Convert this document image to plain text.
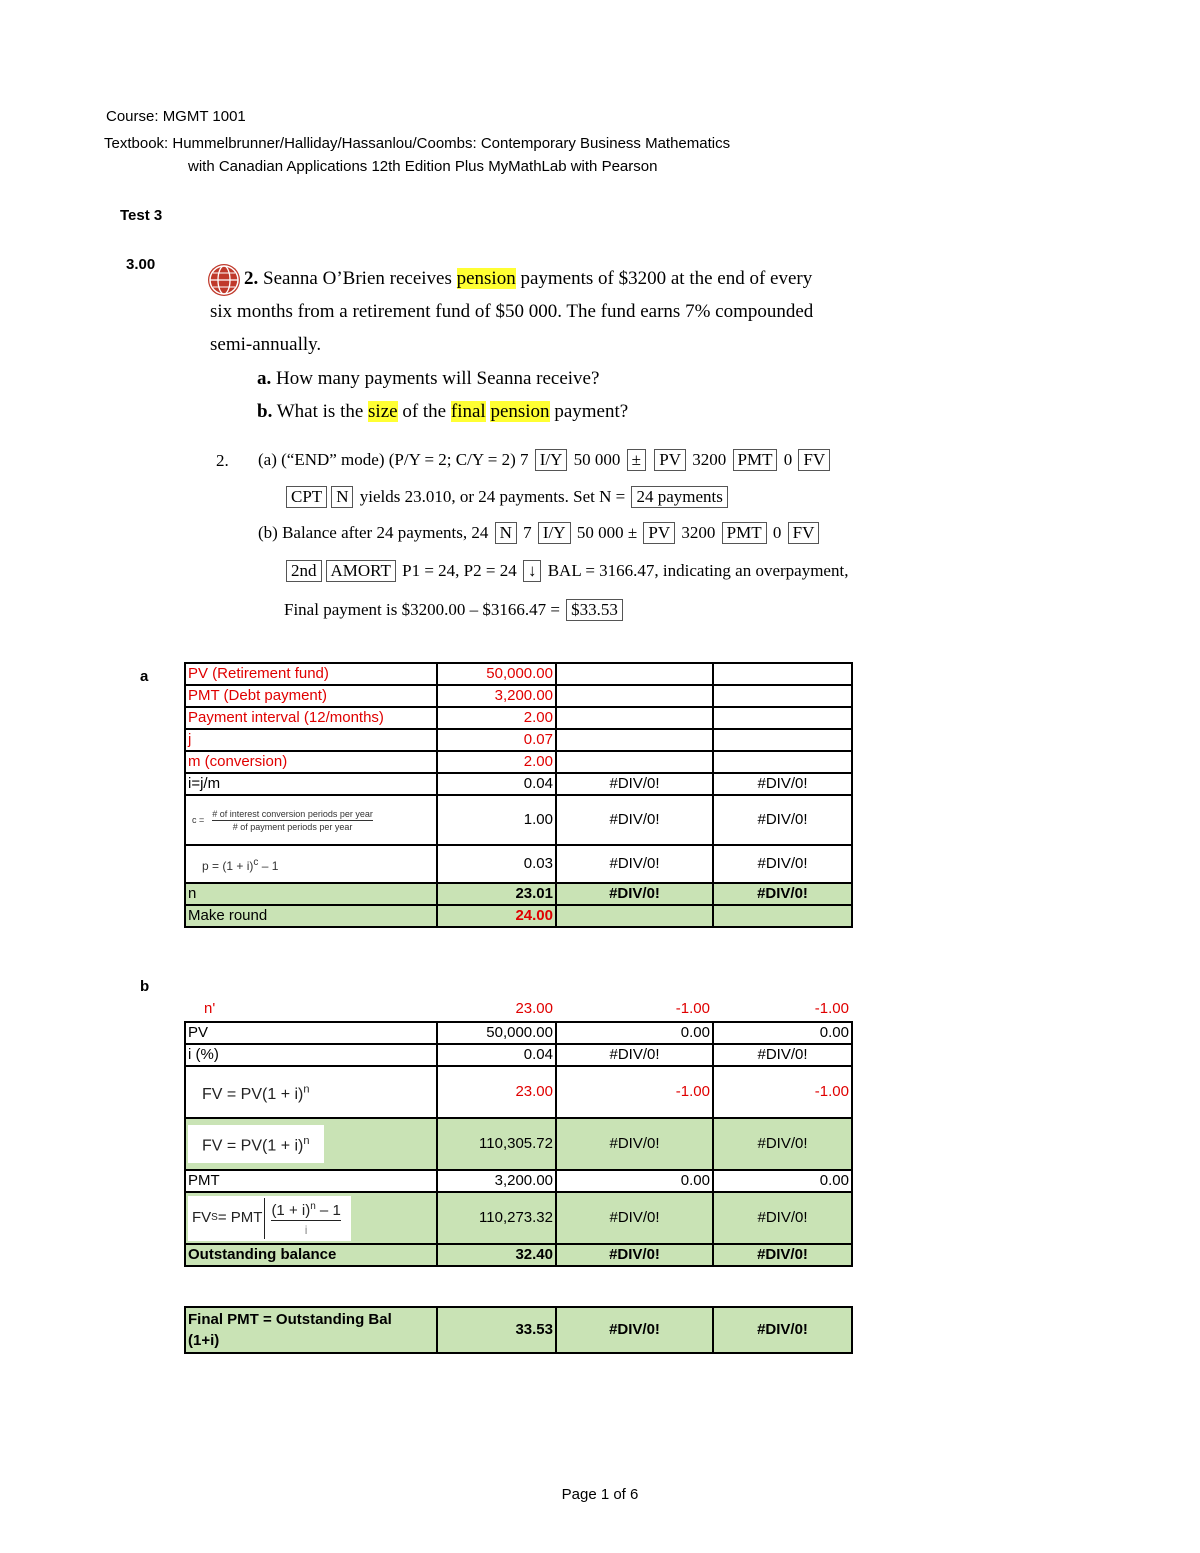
Course: MGMT 1001
Textbook: Hummelbrunner/Halliday/Hassanlou/Coombs: Contemporary Business Mathematics
with Canadian Applications 12th Edition Plus MyMathLab with Pearson
Test 3
3.00
2. Seanna O’Brien receives pension payments of $3200 at the end of every
six months from a retirement fund of $50 000. The fund earns 7% compounded
semi-annually.
a. How many payments will Seanna receive?
b. What is the size of the final pension payment?
2. (a) (“END” mode) (P/Y = 2; C/Y = 2) 7 I/Y 50 000 ± PV 3200 PMT 0 FV
CPT N yields 23.010, or 24 payments. Set N = 24 payments
(b) Balance after 24 payments, 24 N 7 I/Y 50 000 ± PV 3200 PMT 0 FV
2nd AMORT P1 = 24, P2 = 24 ↓ BAL = 3166.47, indicating an overpayment,
Final payment is $3200.00 – $3166.47 = $33.53
a	PV (Retirement fund)	50,000.00		
PMT (Debt payment)	3,200.00		
Payment interval (12/months)	2.00		
j	0.07		
m (conversion)	2.00		
i=j/m	0.04	#DIV/0!	#DIV/0!

c =
# of interest conversion periods per year
# of payment periods per year	1.00	#DIV/0!	#DIV/0!
$p = (1 + i)^c - 1$	0.03	#DIV/0!	#DIV/0!
n	23.01	#DIV/0!	#DIV/0!
Make round	24.00		
b
n'	23.00	-1.00	-1.00
PV	50,000.00	0.00	0.00
i (%)	0.04	#DIV/0!	#DIV/0!
FV = $PV(1 + i)^n$	23.00	-1.00	-1.00
FV = $PV(1 + i)^n$	110,305.72	#DIV/0!	#DIV/0!
PMT	3,200.00	0.00	0.00

FV S = PMT $(1 + i)^n - 1$
i	110,273.32	#DIV/0!	#DIV/0!
Outstanding balance	32.40	#DIV/0!	#DIV/0!
Final PMT = Outstanding Bal
(1+i)
	33.53	#DIV/0!	#DIV/0!
Page 1 of 6
